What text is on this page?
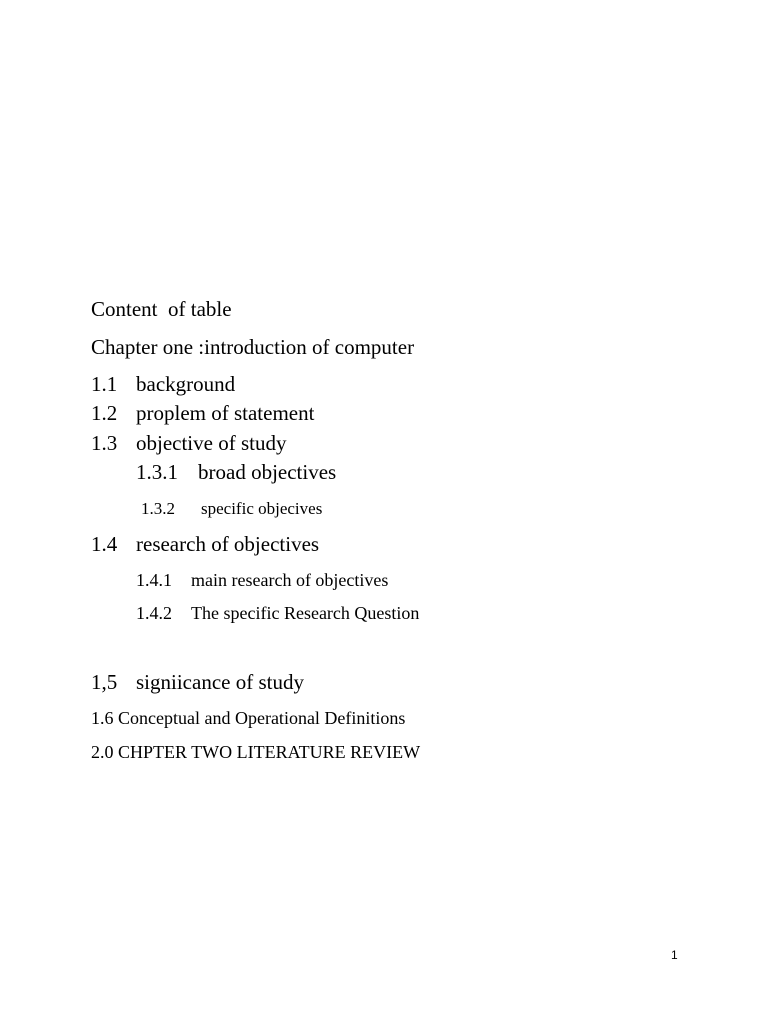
Content  of table
Chapter one :introduction of computer
1.1 background
1.2 proplem of statement
1.3 objective of study
1.3.1 broad objectives
1.3.2 specific objecives
1.4 research of objectives
1.4.1 main research of objectives
1.4.2 The specific Research Question
1,5 signiicance of study
1.6 Conceptual and Operational Definitions
2.0 CHPTER TWO LITERATURE REVIEW
1
